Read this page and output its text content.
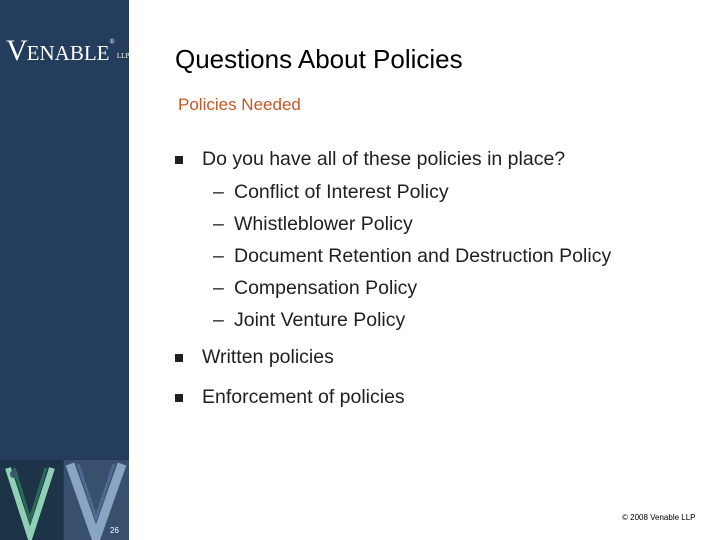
VENABLE®LLP
26
Questions About Policies
Policies Needed
Do you have all of these policies in place?
– Conflict of Interest Policy
– Whistleblower Policy
– Document Retention and Destruction Policy
– Compensation Policy
– Joint Venture Policy
Written policies
Enforcement of policies
© 2008 Venable LLP
